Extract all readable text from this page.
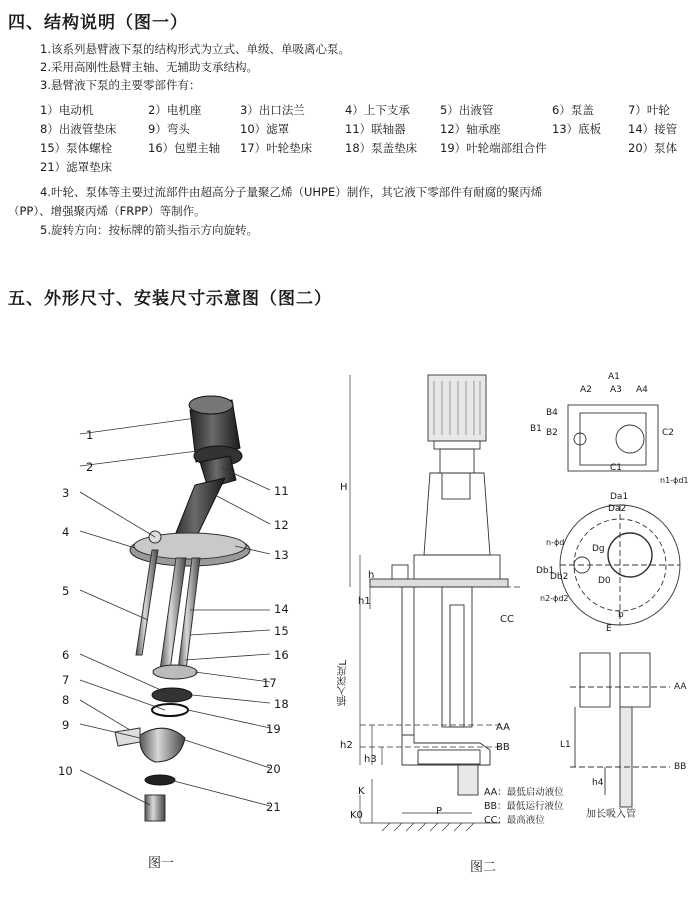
四、结构说明（图一）
1.该系列悬臂液下泵的结构形式为立式、单级、单吸离心泵。
2.采用高刚性悬臂主轴、无辅助支承结构。
3.悬臂液下泵的主要零部件有：
1）电动机	2）电机座	3）出口法兰	4）上下支承	5）出液管	6）泵盖	7）叶轮
8）出液管垫床	9）弯头	10）滤罩	11）联轴器	12）轴承座	13）底板 14）接管
15）泵体螺栓	16）包塑主轴 17）叶轮垫床	18）泵盖垫床 19）叶轮端部组合件	20）泵体
21）滤罩垫床
4.叶轮、泵体等主要过流部件由超高分子量聚乙烯（UHPE）制作，其它液下零部件有耐腐的聚丙烯
（PP）、增强聚丙烯（FRPP）等制作。
5.旋转方向：按标牌的箭头指示方向旋转。
五、外形尺寸、安装尺寸示意图（图二）
1
2
3
4
5
6
7
8
9
10
11
12
13
14
15
16
17
18
19
20
21
图一
H
h
h1
h2
h3
插入深度L
K
K0	P
CC
AA
BB
A1
A2 A3 A4
B1
B4
B2	C2
C1
n1-ϕd1
Da1
Da2
n-ϕd
Dg
Db1
Db2	D0
n2-ϕd2
b
E
AA
BB
L1
h4
加长吸入管
AA：最低启动液位
BB：最低运行液位
CC：最高液位
图二
